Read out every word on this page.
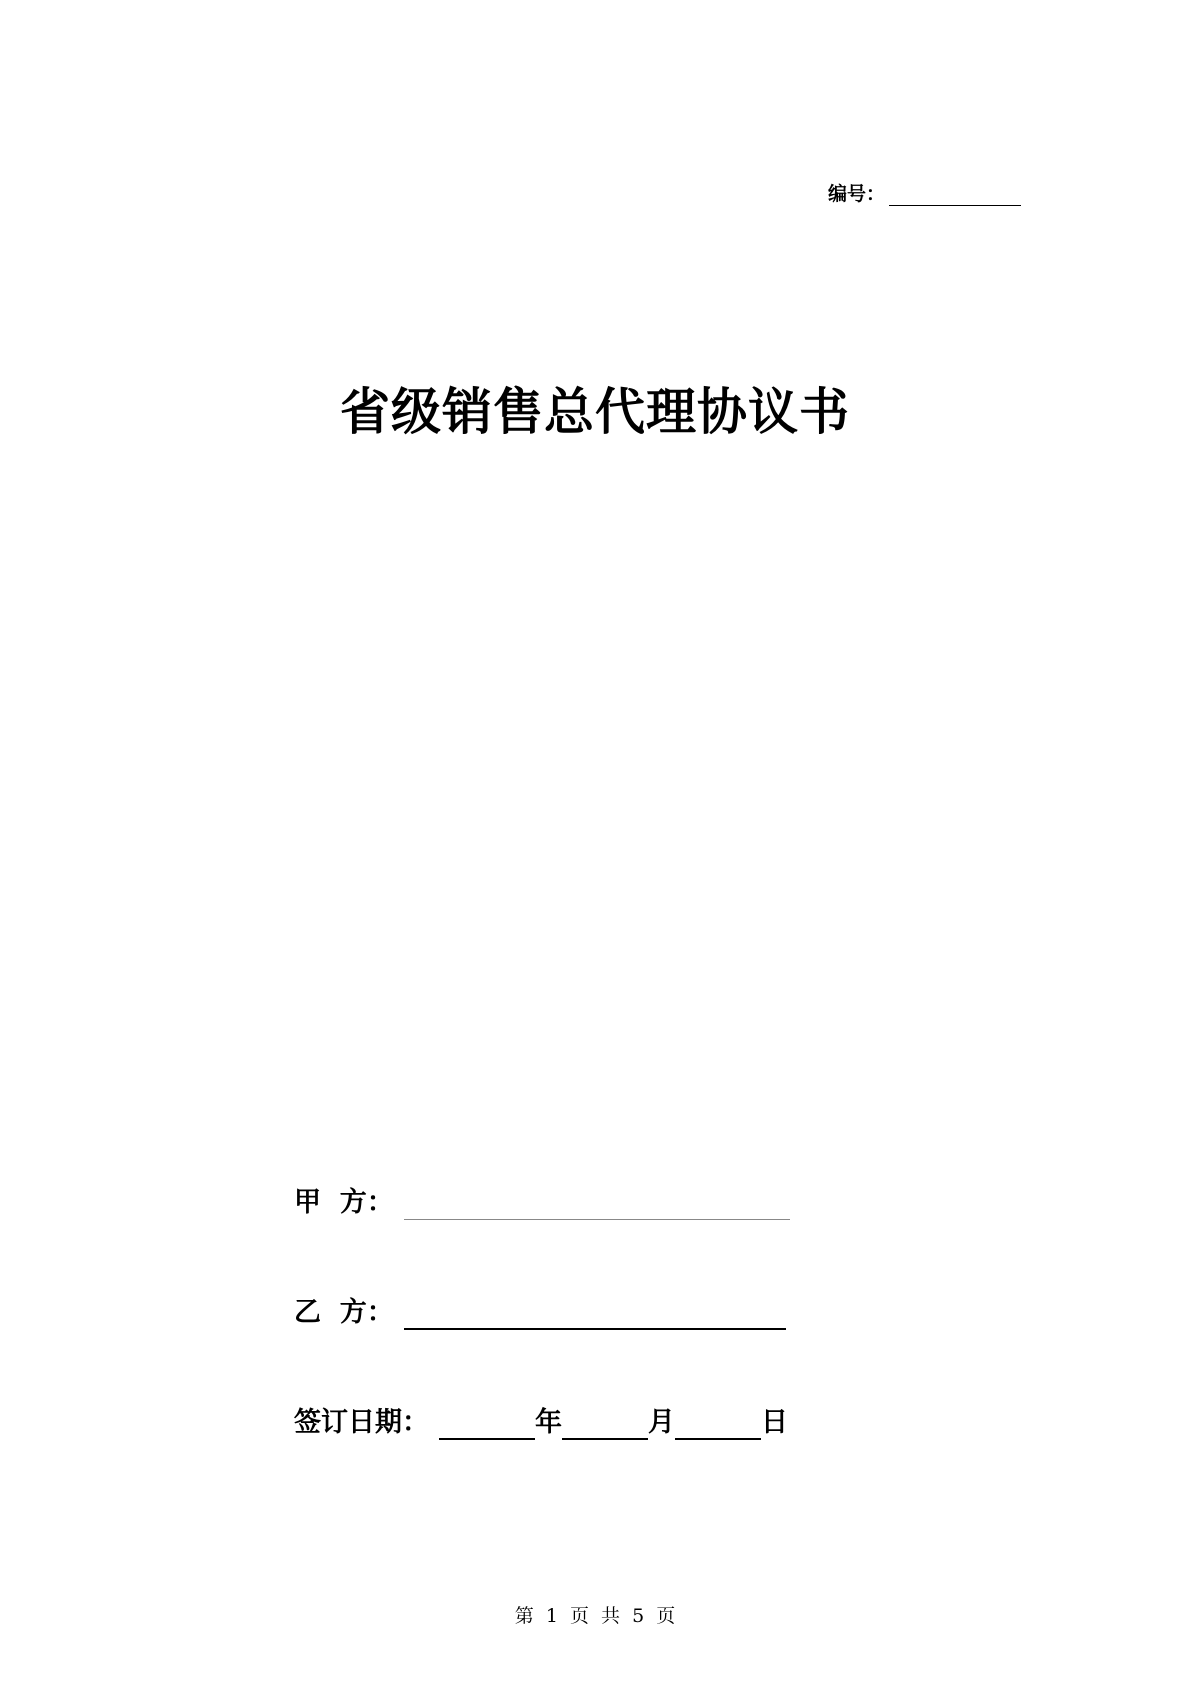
编号：
省级销售总代理协议书
甲  方：
乙  方：
签订日期：	年	月	日
第 1 页 共 5 页
